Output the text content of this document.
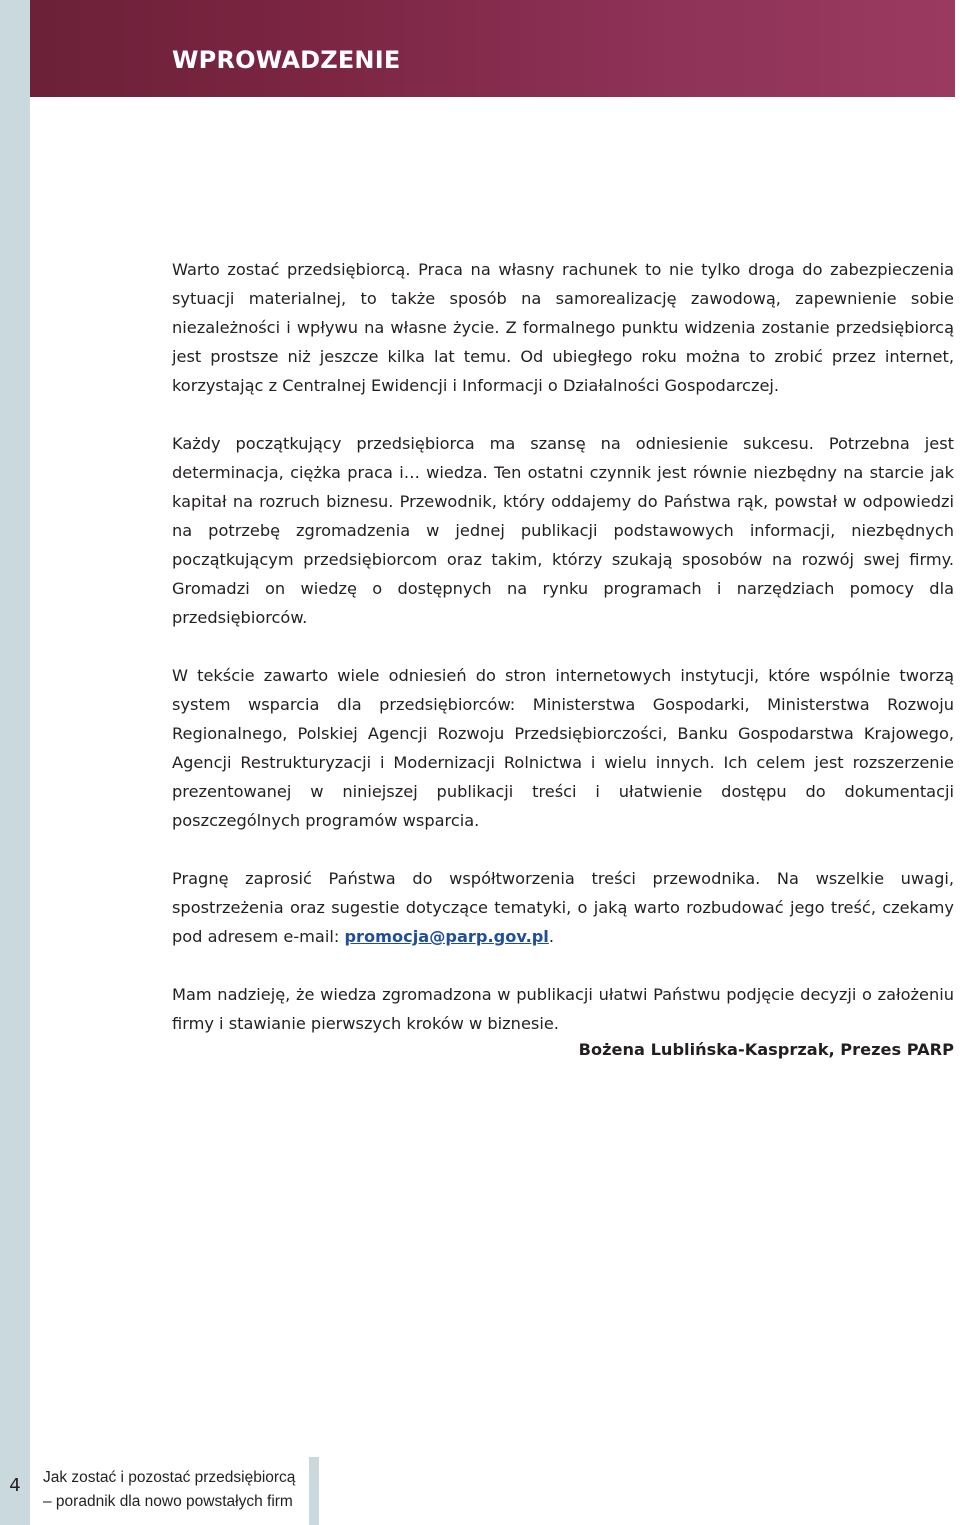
WPROWADZENIE

Warto zostać przedsiębiorcą. Praca na własny rachunek to nie tylko droga do zabezpieczenia sytuacji materialnej, to także sposób na samorealizację zawodową, zapewnienie sobie niezależności i wpływu na własne życie. Z formalnego punktu widzenia zostanie przedsiębiorcą jest prostsze niż jeszcze kilka lat temu. Od ubiegłego roku można to zrobić przez internet, korzystając z Centralnej Ewidencji i Informacji o Działalności Gospodarczej.

Każdy początkujący przedsiębiorca ma szansę na odniesienie sukcesu. Potrzebna jest determinacja, ciężka praca i… wiedza. Ten ostatni czynnik jest równie niezbędny na starcie jak kapitał na rozruch biznesu. Przewodnik, który oddajemy do Państwa rąk, powstał w odpowiedzi na potrzebę zgromadzenia w jednej publikacji podstawowych informacji, niezbędnych początkującym przedsiębiorcom oraz takim, którzy szukają sposobów na rozwój swej firmy. Gromadzi on wiedzę o dostępnych na rynku programach i narzędziach pomocy dla przedsiębiorców.

W tekście zawarto wiele odniesień do stron internetowych instytucji, które wspólnie tworzą system wsparcia dla przedsiębiorców: Ministerstwa Gospodarki, Ministerstwa Rozwoju Regionalnego, Polskiej Agencji Rozwoju Przedsiębiorczości, Banku Gospodarstwa Krajowego, Agencji Restrukturyzacji i Modernizacji Rolnictwa i wielu innych. Ich celem jest rozszerzenie prezentowanej w niniejszej publikacji treści i ułatwienie dostępu do dokumentacji poszczególnych programów wsparcia.

Pragnę zaprosić Państwa do współtworzenia treści przewodnika. Na wszelkie uwagi, spostrzeżenia oraz sugestie dotyczące tematyki, o jaką warto rozbudować jego treść, czekamy pod adresem e-mail: promocja@parp.gov.pl.

Mam nadzieję, że wiedza zgromadzona w publikacji ułatwi Państwu podjęcie decyzji o założeniu firmy i stawianie pierwszych kroków w biznesie.

Bożena Lublińska-Kasprzak, Prezes PARP

4	Jak zostać i pozostać przedsiębiorcą
– poradnik dla nowo powstałych firm
